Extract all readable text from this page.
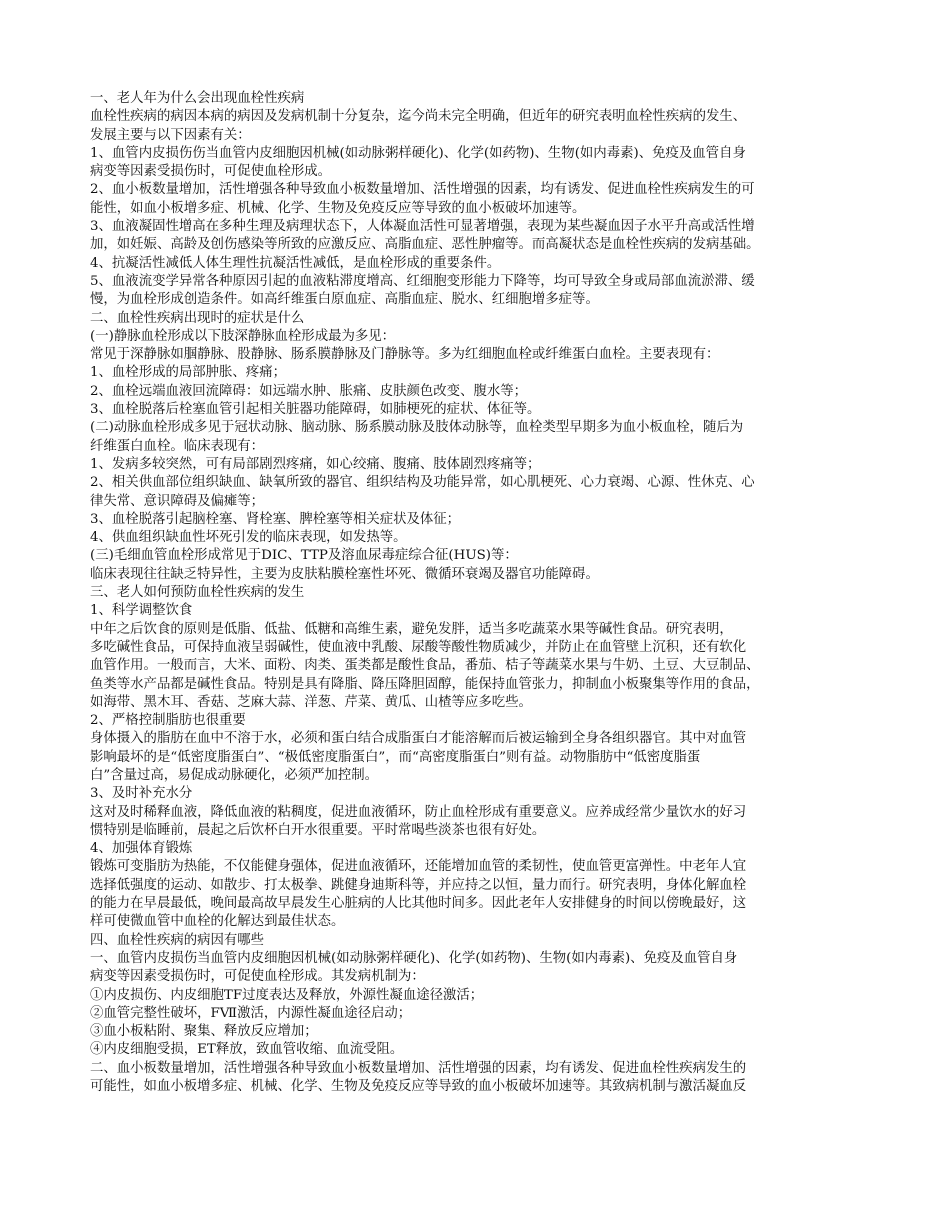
一、老人年为什么会出现血栓性疾病
血栓性疾病的病因本病的病因及发病机制十分复杂，迄今尚未完全明确，但近年的研究表明血栓性疾病的发生、
发展主要与以下因素有关：
1、血管内皮损伤伤当血管内皮细胞因机械(如动脉粥样硬化)、化学(如药物)、生物(如内毒素)、免疫及血管自身
病变等因素受损伤时，可促使血栓形成。
2、血小板数量增加，活性增强各种导致血小板数量增加、活性增强的因素，均有诱发、促进血栓性疾病发生的可
能性，如血小板增多症、机械、化学、生物及免疫反应等导致的血小板破坏加速等。
3、血液凝固性增高在多种生理及病理状态下，人体凝血活性可显著增强，表现为某些凝血因子水平升高或活性增
加，如妊娠、高龄及创伤感染等所致的应激反应、高脂血症、恶性肿瘤等。而高凝状态是血栓性疾病的发病基础。
4、抗凝活性减低人体生理性抗凝活性减低，是血栓形成的重要条件。
5、血液流变学异常各种原因引起的血液粘滞度增高、红细胞变形能力下降等，均可导致全身或局部血流淤滞、缓
慢，为血栓形成创造条件。如高纤维蛋白原血症、高脂血症、脱水、红细胞增多症等。
二、血栓性疾病出现时的症状是什么
(一)静脉血栓形成以下肢深静脉血栓形成最为多见：
常见于深静脉如腘静脉、股静脉、肠系膜静脉及门静脉等。多为红细胞血栓或纤维蛋白血栓。主要表现有：
1、血栓形成的局部肿胀、疼痛；
2、血栓远端血液回流障碍：如远端水肿、胀痛、皮肤颜色改变、腹水等；
3、血栓脱落后栓塞血管引起相关脏器功能障碍，如肺梗死的症状、体征等。
(二)动脉血栓形成多见于冠状动脉、脑动脉、肠系膜动脉及肢体动脉等，血栓类型早期多为血小板血栓，随后为
纤维蛋白血栓。临床表现有：
1、发病多较突然，可有局部剧烈疼痛，如心绞痛、腹痛、肢体剧烈疼痛等；
2、相关供血部位组织缺血、缺氧所致的器官、组织结构及功能异常，如心肌梗死、心力衰竭、心源、性休克、心
律失常、意识障碍及偏瘫等；
3、血栓脱落引起脑栓塞、肾栓塞、脾栓塞等相关症状及体征；
4、供血组织缺血性坏死引发的临床表现，如发热等。
(三)毛细血管血栓形成常见于DIC、TTP及溶血尿毒症综合征(HUS)等：
临床表现往往缺乏特异性，主要为皮肤粘膜栓塞性坏死、微循环衰竭及器官功能障碍。
三、老人如何预防血栓性疾病的发生
1、科学调整饮食
中年之后饮食的原则是低脂、低盐、低糖和高维生素，避免发胖，适当多吃蔬菜水果等碱性食品。研究表明，
多吃碱性食品，可保持血液呈弱碱性，使血液中乳酸、尿酸等酸性物质减少，并防止在血管壁上沉积，还有软化
血管作用。一般而言，大米、面粉、肉类、蛋类都是酸性食品，番茄、桔子等蔬菜水果与牛奶、土豆、大豆制品、
鱼类等水产品都是碱性食品。特别是具有降脂、降压降胆固醇，能保持血管张力，抑制血小板聚集等作用的食品，
如海带、黑木耳、香菇、芝麻大蒜、洋葱、芹菜、黄瓜、山楂等应多吃些。
2、严格控制脂肪也很重要
身体摄入的脂肪在血中不溶于水，必须和蛋白结合成脂蛋白才能溶解而后被运输到全身各组织器官。其中对血管
影响最坏的是“低密度脂蛋白”、“极低密度脂蛋白”，而“高密度脂蛋白”则有益。动物脂肪中“低密度脂蛋
白”含量过高，易促成动脉硬化，必须严加控制。
3、及时补充水分
这对及时稀释血液，降低血液的粘稠度，促进血液循环，防止血栓形成有重要意义。应养成经常少量饮水的好习
惯特别是临睡前，晨起之后饮杯白开水很重要。平时常喝些淡茶也很有好处。
4、加强体育锻炼
锻炼可变脂肪为热能，不仅能健身强体，促进血液循环，还能增加血管的柔韧性，使血管更富弹性。中老年人宜
选择低强度的运动、如散步、打太极拳、跳健身迪斯科等，并应持之以恒，量力而行。研究表明，身体化解血栓
的能力在早晨最低，晚间最高故早晨发生心脏病的人比其他时间多。因此老年人安排健身的时间以傍晚最好，这
样可使微血管中血栓的化解达到最佳状态。
四、血栓性疾病的病因有哪些
一、血管内皮损伤当血管内皮细胞因机械(如动脉粥样硬化)、化学(如药物)、生物(如内毒素)、免疫及血管自身
病变等因素受损伤时，可促使血栓形成。其发病机制为：
①内皮损伤、内皮细胞TF过度表达及释放，外源性凝血途径激活；
②血管完整性破坏，FⅦ激活，内源性凝血途径启动；
③血小板粘附、聚集、释放反应增加；
④内皮细胞受损，ET释放，致血管收缩、血流受阻。
二、血小板数量增加，活性增强各种导致血小板数量增加、活性增强的因素，均有诱发、促进血栓性疾病发生的
可能性，如血小板增多症、机械、化学、生物及免疫反应等导致的血小板破坏加速等。其致病机制与激活凝血反
